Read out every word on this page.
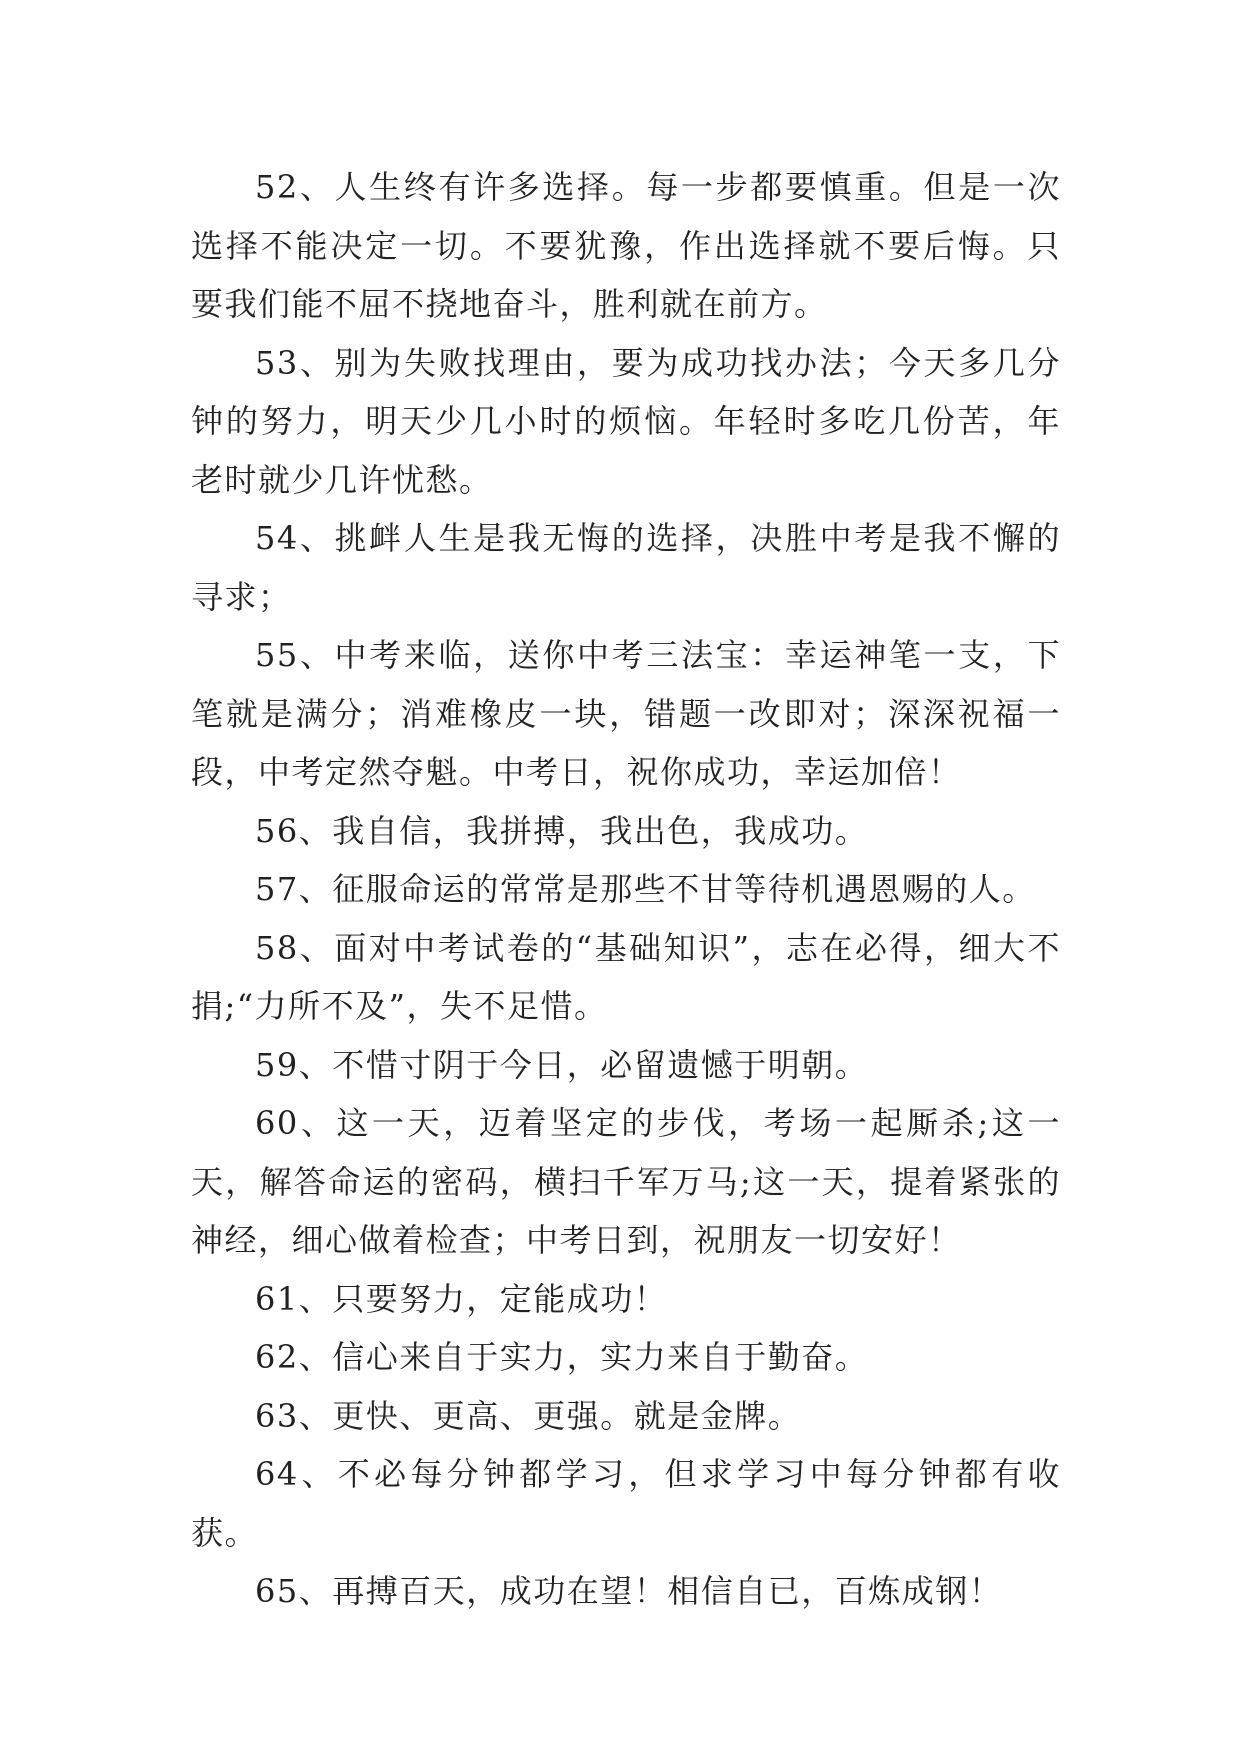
52、人生终有许多选择。每一步都要慎重。但是一次选择不能决定一切。不要犹豫，作出选择就不要后悔。只要我们能不屈不挠地奋斗，胜利就在前方。

53、别为失败找理由，要为成功找办法；今天多几分钟的努力，明天少几小时的烦恼。年轻时多吃几份苦，年老时就少几许忧愁。

54、挑衅人生是我无悔的选择，决胜中考是我不懈的寻求；

55、中考来临，送你中考三法宝：幸运神笔一支，下笔就是满分；消难橡皮一块，错题一改即对；深深祝福一段，中考定然夺魁。中考日，祝你成功，幸运加倍！

56、我自信，我拼搏，我出色，我成功。

57、征服命运的常常是那些不甘等待机遇恩赐的人。

58、面对中考试卷的“基础知识”，志在必得，细大不捐;“力所不及”，失不足惜。

59、不惜寸阴于今日，必留遗憾于明朝。

60、这一天，迈着坚定的步伐，考场一起厮杀;这一天，解答命运的密码，横扫千军万马;这一天，提着紧张的神经，细心做着检查；中考日到，祝朋友一切安好！

61、只要努力，定能成功！

62、信心来自于实力，实力来自于勤奋。

63、更快、更高、更强。就是金牌。

64、不必每分钟都学习，但求学习中每分钟都有收获。

65、再搏百天，成功在望！相信自已，百炼成钢！
